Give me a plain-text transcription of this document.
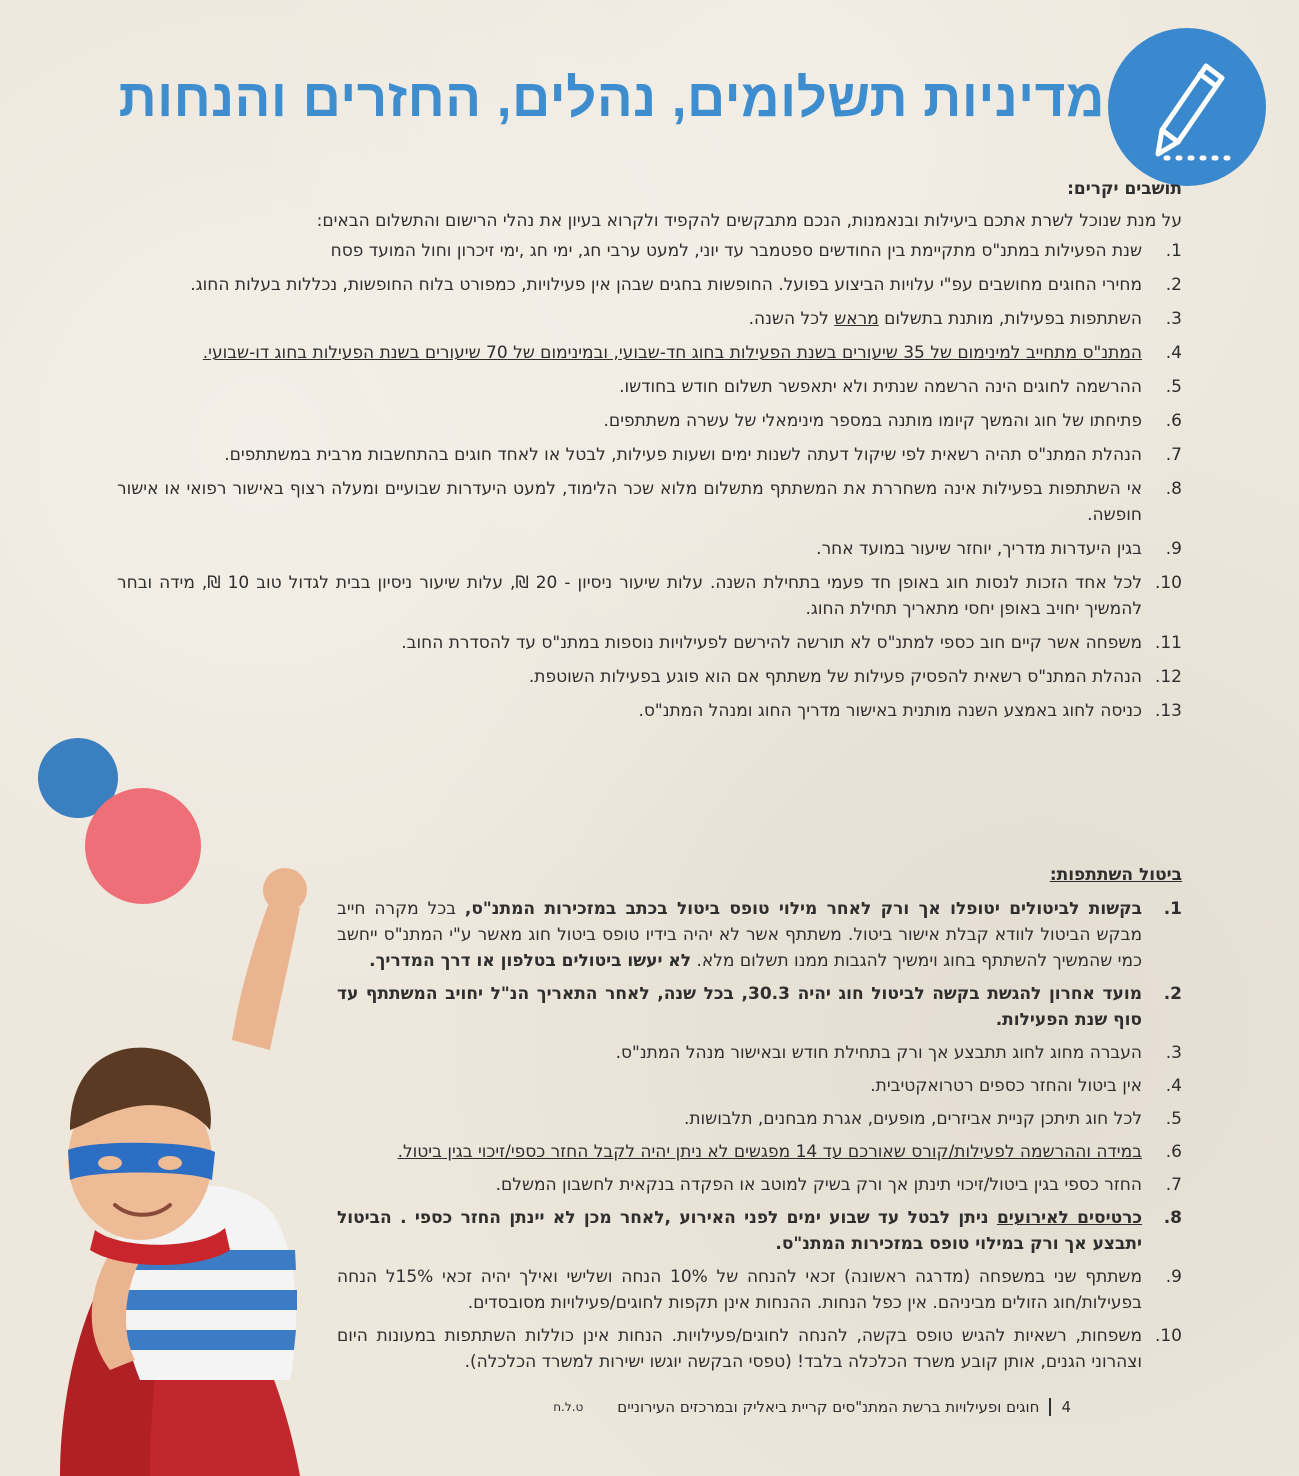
מדיניות תשלומים, נהלים, החזרים והנחות

תושבים יקרים:

על מנת שנוכל לשרת אתכם ביעילות ובנאמנות, הנכם מתבקשים להקפיד ולקרוא בעיון את נהלי הרישום והתשלום הבאים:

1.
שנת הפעילות במתנ"ס מתקיימת בין החודשים ספטמבר עד יוני, למעט ערבי חג, ימי חג ,ימי זיכרון וחול המועד פסח
2.
מחירי החוגים מחושבים עפ"י עלויות הביצוע בפועל. החופשות בחגים שבהן אין פעילויות, כמפורט בלוח החופשות, נכללות בעלות החוג.
3.
השתתפות בפעילות, מותנת בתשלום מראש לכל השנה.
4.
המתנ"ס מתחייב למינימום של 35 שיעורים בשנת הפעילות בחוג חד-שבועי, ובמינימום של 70 שיעורים בשנת הפעילות בחוג דו-שבועי.
5.
ההרשמה לחוגים הינה הרשמה שנתית ולא יתאפשר תשלום חודש בחודשו.
6.
פתיחתו של חוג והמשך קיומו מותנה במספר מינימאלי של עשרה משתתפים.
7.
הנהלת המתנ"ס תהיה רשאית לפי שיקול דעתה לשנות ימים ושעות פעילות, לבטל או לאחד חוגים בהתחשבות מרבית במשתתפים.
8.
אי השתתפות בפעילות אינה משחררת את המשתתף מתשלום מלוא שכר הלימוד, למעט היעדרות שבועיים ומעלה רצוף באישור רפואי או אישור חופשה.
9.
בגין היעדרות מדריך, יוחזר שיעור במועד אחר.
10.
לכל אחד הזכות לנסות חוג באופן חד פעמי בתחילת השנה. עלות שיעור ניסיון - 20 ₪, עלות שיעור ניסיון בבית לגדול טוב 10 ₪, מידה ובחר להמשיך יחויב באופן יחסי מתאריך תחילת החוג.
11.
משפחה אשר קיים חוב כספי למתנ"ס לא תורשה להירשם לפעילויות נוספות במתנ"ס עד להסדרת החוב.
12.
הנהלת המתנ"ס רשאית להפסיק פעילות של משתתף אם הוא פוגע בפעילות השוטפת.
13.
כניסה לחוג באמצע השנה מותנית באישור מדריך החוג ומנהל המתנ"ס.
ביטול השתתפות:
1.
בקשות לביטולים יטופלו אך ורק לאחר מילוי טופס ביטול בכתב במזכירות המתנ"ס, בכל מקרה חייב מבקש הביטול לוודא קבלת אישור ביטול. משתתף אשר לא יהיה בידיו טופס ביטול חוג מאשר ע"י המתנ"ס ייחשב כמי שהמשיך להשתתף בחוג וימשיך להגבות ממנו תשלום מלא. לא יעשו ביטולים בטלפון או דרך המדריך.
2.
מועד אחרון להגשת בקשה לביטול חוג יהיה 30.3, בכל שנה, לאחר התאריך הנ"ל יחויב המשתתף עד סוף שנת הפעילות.
3.
העברה מחוג לחוג תתבצע אך ורק בתחילת חודש ובאישור מנהל המתנ"ס.
4.
אין ביטול והחזר כספים רטרואקטיבית.
5.
לכל חוג תיתכן קניית אביזרים, מופעים, אגרת מבחנים, תלבושות.
6.
במידה וההרשמה לפעילות/קורס שאורכם עד 14 מפגשים לא ניתן יהיה לקבל החזר כספי/זיכוי בגין ביטול.
7.
החזר כספי בגין ביטול/זיכוי תינתן אך ורק בשיק למוטב או הפקדה בנקאית לחשבון המשלם.
8.
כרטיסים לאירועים ניתן לבטל עד שבוע ימים לפני האירוע ,לאחר מכן לא יינתן החזר כספי . הביטול יתבצע אך ורק במילוי טופס במזכירות המתנ"ס.
9.
משתתף שני במשפחה (מדרגה ראשונה) זכאי להנחה של 10% הנחה ושלישי ואילך יהיה זכאי 15%ל הנחה בפעילות/חוג הזולים מביניהם. אין כפל הנחות. ההנחות אינן תקפות לחוגים/פעילויות מסובסדים.
10.
משפחות, רשאיות להגיש טופס בקשה, להנחה לחוגים/פעילויות. הנחות אינן כוללות השתתפות במעונות היום וצהרוני הגנים, אותן קובע משרד הכלכלה בלבד! (טפסי הבקשה יוגשו ישירות למשרד הכלכלה).
4
חוגים ופעילויות ברשת המתנ"סים קריית ביאליק ובמרכזים העירוניים
ט.ל.ח
